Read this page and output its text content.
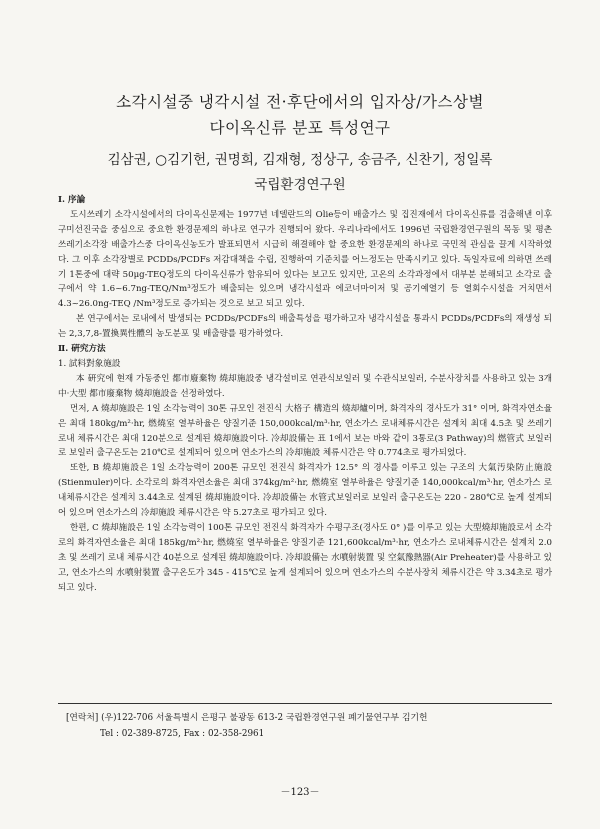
소각시설중 냉각시설 전·후단에서의 입자상/가스상별
다이옥신류 분포 특성연구
김삼권, ○김기헌, 권명희, 김재형, 정상구, 송금주, 신찬기, 정일록
국립환경연구원

Ⅰ. 序論

도시쓰레기 소각시설에서의 다이옥신문제는 1977년 네델란드의 Olie등이 배출가스 및 집진재에서 다이옥신류를 검출해낸 이후 구미선진국을 중심으로 중요한 환경문제의 하나로 연구가 진행되어 왔다. 우리나라에서도 1996년 국립환경연구원의 목동 및 평촌 쓰레기소각장 배출가스중 다이옥신농도가 발표되면서 시급히 해결해야 할 중요한 환경문제의 하나로 국민적 관심을 끌게 시작하였다. 그 이후 소각장별로 PCDDs/PCDFs 저감대책을 수립, 진행하여 기준치를 어느정도는 만족시키고 있다. 독일자료에 의하면 쓰레기 1톤중에 대략 50μg-TEQ정도의 다이옥신류가 함유되어 있다는 보고도 있지만, 고온의 소각과정에서 대부분 분해되고 소각로 출구에서 약 1.6~6.7ng-TEQ/Nm³정도가 배출되는 있으며 냉각시설과 에코너마이저 및 공기예열기 등 열회수시설을 거치면서 4.3~26.0ng-TEQ /Nm³정도로 증가되는 것으로 보고 되고 있다.

본 연구에서는 로내에서 발생되는 PCDDs/PCDFs의 배출특성을 평가하고자 냉각시설을 통과시 PCDDs/PCDFs의 재생성 되는 2,3,7,8-置換異性體의 농도분포 및 배출량를 평가하였다.

Ⅱ. 硏究方法

1. 試料對象施設

本 硏究에 현재 가동중인 都市廢棄物 燒却施設중 냉각설비로 연관식보일러 및 수관식보일러, 수분사장치를 사용하고 있는 3개 中·大型 都市廢棄物 燒却施設을 선정하였다.

먼저, A 燒却施設은 1일 소각능력이 30톤 규모인 전진식 大格子 構造의 燒却爐이며, 화격자의 경사도가 31° 이며, 화격자연소율은 최대 180kg/m²·hr, 燃燒室 열부하율은 양질기준 150,000kcal/m³·hr, 연소가스 로내체류시간은 설계치 최대 4.5초 및 쓰레기 로내 체류시간은 최대 120분으로 설계된 燒却施設이다. 冷却設備는 표 1에서 보는 바와 같이 3통로(3 Pathway)의 燃管式 보일러로 보일러 출구온도는 210℃로 설계되어 있으며 연소가스의 冷却施設 체류시간은 약 0.774초로 평가되었다.

또한, B 燒却施設은 1일 소각능력이 200톤 규모인 전진식 화격자가 12.5° 의 경사를 이루고 있는 구조의 大氣汚染防止施設(Stienmuler)이다. 소각로의 화격자연소율은 최대 374kg/m²·hr, 燃燒室 열부하율은 양질기준 140,000kcal/m³·hr, 연소가스 로내체류시간은 설계치 3.44초로 설계된 燒却施設이다. 冷却設備는 水管式보일러로 보일러 출구온도는 220 - 280℃로 높게 설계되어 있으며 연소가스의 冷却施設 체류시간은 약 5.27초로 평가되고 있다.

한편, C 燒却施設은 1일 소각능력이 100톤 규모인 전진식 화격자가 수평구조(경사도 0° )를 이루고 있는 大型燒却施設로서 소각로의 화격자연소율은 최대 185kg/m²·hr, 燃燒室 열부하율은 양질기준 121,600kcal/m³·hr, 연소가스 로내체류시간은 설계치 2.0초 및 쓰레기 로내 체류시간 40분으로 설계된 燒却施設이다. 冷却設備는 水噴射裝置 및 空氣豫熱器(Air Preheater)를 사용하고 있고, 연소가스의 水噴射裝置 출구온도가 345 - 415℃로 높게 설계되어 있으며 연소가스의 수분사장치 체류시간은 약 3.34초로 평가되고 있다.

[연락처] (우)122-706 서울특별시 은평구 불광동 613-2 국립환경연구원 폐기물연구부 김기헌
Tel : 02-389-8725, Fax : 02-358-2961
－123－
